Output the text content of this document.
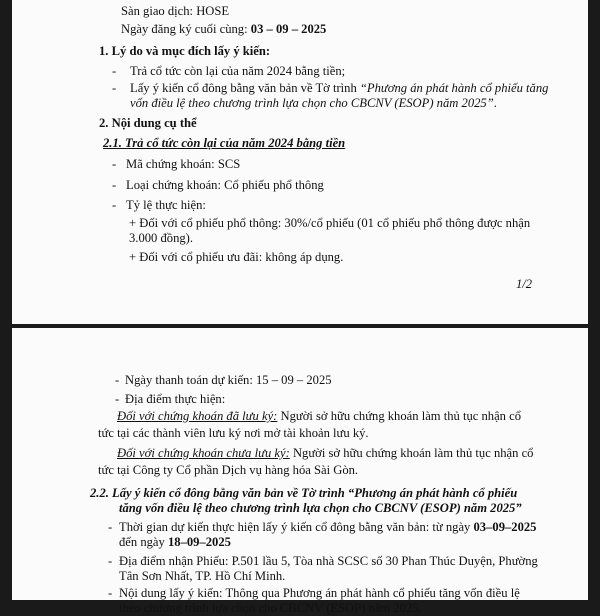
Sàn giao dịch: HOSE
Ngày đăng ký cuối cùng: 03 – 09 – 2025
1. Lý do và mục đích lấy ý kiến:
- Trả cổ tức còn lại của năm 2024 bằng tiền;
- Lấy ý kiến cổ đông bằng văn bản về Tờ trình “Phương án phát hành cổ phiếu tăng
vốn điều lệ theo chương trình lựa chọn cho CBCNV (ESOP) năm 2025”.
2. Nội dung cụ thể
2.1. Trả cổ tức còn lại của năm 2024 bằng tiền
- Mã chứng khoán: SCS
- Loại chứng khoán: Cổ phiếu phổ thông
- Tỷ lệ thực hiện:
+ Đối với cổ phiếu phổ thông: 30%/cổ phiếu (01 cổ phiếu phổ thông được nhận
3.000 đồng).
+ Đối với cổ phiếu ưu đãi: không áp dụng.
1/2
- Ngày thanh toán dự kiến: 15 – 09 – 2025
- Địa điểm thực hiện:
Đối với chứng khoán đã lưu ký: Người sở hữu chứng khoán làm thủ tục nhận cổ
tức tại các thành viên lưu ký nơi mở tài khoản lưu ký.
Đối với chứng khoán chưa lưu ký: Người sở hữu chứng khoán làm thủ tục nhận cổ
tức tại Công ty Cổ phần Dịch vụ hàng hóa Sài Gòn.
2.2. Lấy ý kiến cổ đông bằng văn bản về Tờ trình “Phương án phát hành cổ phiếu
tăng vốn điều lệ theo chương trình lựa chọn cho CBCNV (ESOP) năm 2025”
- Thời gian dự kiến thực hiện lấy ý kiến cổ đông bằng văn bản: từ ngày 03–09–2025
đến ngày 18–09–2025
- Địa điểm nhận Phiếu: P.501 lầu 5, Tòa nhà SCSC số 30 Phan Thúc Duyện, Phường
Tân Sơn Nhất, TP. Hồ Chí Minh.
- Nội dung lấy ý kiến: Thông qua Phương án phát hành cổ phiếu tăng vốn điều lệ
theo chương trình lựa chọn cho CBCNV (ESOP) năm 2025.
